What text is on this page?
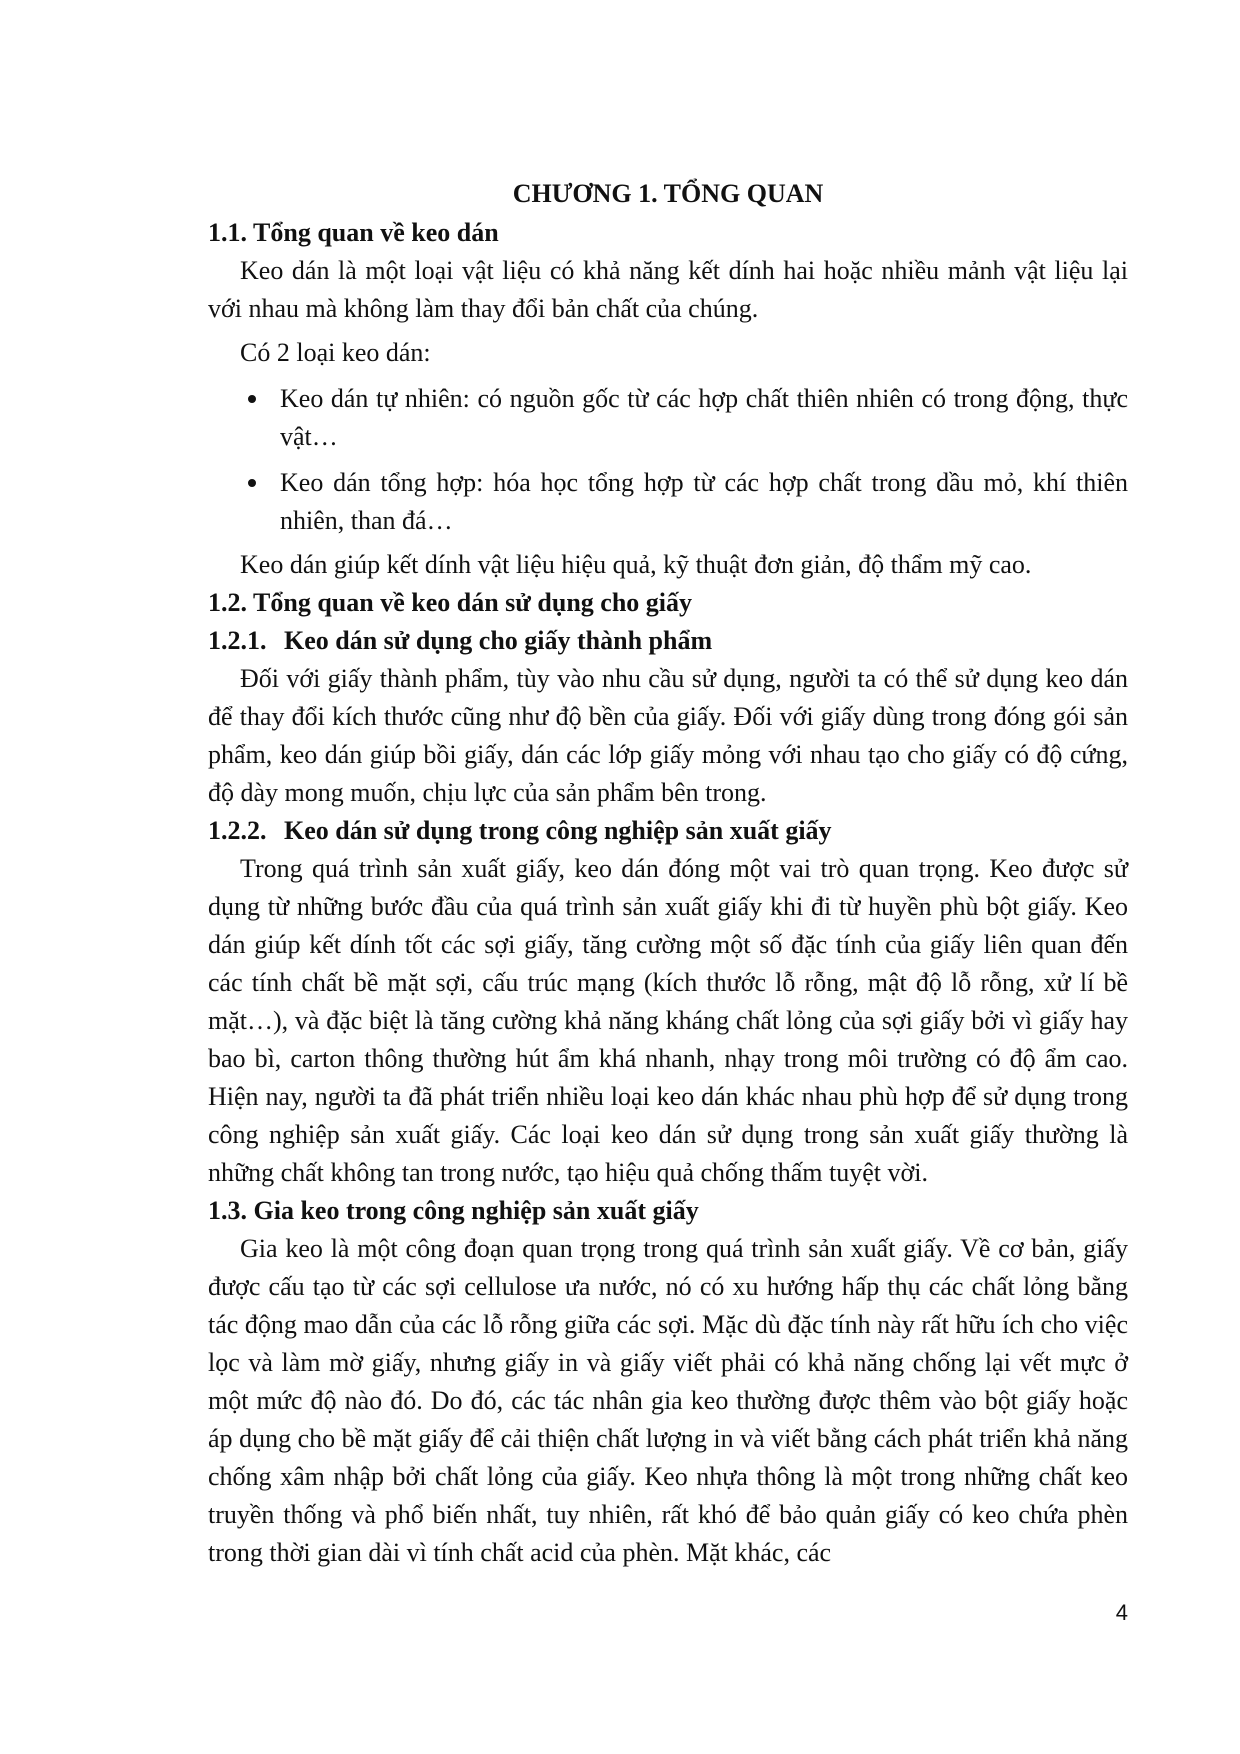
CHƯƠNG 1. TỔNG QUAN
1.1. Tổng quan về keo dán

Keo dán là một loại vật liệu có khả năng kết dính hai hoặc nhiều mảnh vật liệu lại với nhau mà không làm thay đổi bản chất của chúng.

Có 2 loại keo dán:

Keo dán tự nhiên: có nguồn gốc từ các hợp chất thiên nhiên có trong động, thực vật…
Keo dán tổng hợp: hóa học tổng hợp từ các hợp chất trong dầu mỏ, khí thiên nhiên, than đá…

Keo dán giúp kết dính vật liệu hiệu quả, kỹ thuật đơn giản, độ thẩm mỹ cao.

1.2. Tổng quan về keo dán sử dụng cho giấy
1.2.1. Keo dán sử dụng cho giấy thành phẩm

Đối với giấy thành phẩm, tùy vào nhu cầu sử dụng, người ta có thể sử dụng keo dán để thay đổi kích thước cũng như độ bền của giấy. Đối với giấy dùng trong đóng gói sản phẩm, keo dán giúp bồi giấy, dán các lớp giấy mỏng với nhau tạo cho giấy có độ cứng, độ dày mong muốn, chịu lực của sản phẩm bên trong.

1.2.2. Keo dán sử dụng trong công nghiệp sản xuất giấy

Trong quá trình sản xuất giấy, keo dán đóng một vai trò quan trọng. Keo được sử dụng từ những bước đầu của quá trình sản xuất giấy khi đi từ huyền phù bột giấy. Keo dán giúp kết dính tốt các sợi giấy, tăng cường một số đặc tính của giấy liên quan đến các tính chất bề mặt sợi, cấu trúc mạng (kích thước lỗ rỗng, mật độ lỗ rỗng, xử lí bề mặt…), và đặc biệt là tăng cường khả năng kháng chất lỏng của sợi giấy bởi vì giấy hay bao bì, carton thông thường hút ẩm khá nhanh, nhạy trong môi trường có độ ẩm cao. Hiện nay, người ta đã phát triển nhiều loại keo dán khác nhau phù hợp để sử dụng trong công nghiệp sản xuất giấy. Các loại keo dán sử dụng trong sản xuất giấy thường là những chất không tan trong nước, tạo hiệu quả chống thấm tuyệt vời.

1.3. Gia keo trong công nghiệp sản xuất giấy

Gia keo là một công đoạn quan trọng trong quá trình sản xuất giấy. Về cơ bản, giấy được cấu tạo từ các sợi cellulose ưa nước, nó có xu hướng hấp thụ các chất lỏng bằng tác động mao dẫn của các lỗ rỗng giữa các sợi. Mặc dù đặc tính này rất hữu ích cho việc lọc và làm mờ giấy, nhưng giấy in và giấy viết phải có khả năng chống lại vết mực ở một mức độ nào đó. Do đó, các tác nhân gia keo thường được thêm vào bột giấy hoặc áp dụng cho bề mặt giấy để cải thiện chất lượng in và viết bằng cách phát triển khả năng chống xâm nhập bởi chất lỏng của giấy. Keo nhựa thông là một trong những chất keo truyền thống và phổ biến nhất, tuy nhiên, rất khó để bảo quản giấy có keo chứa phèn trong thời gian dài vì tính chất acid của phèn. Mặt khác, các

4
